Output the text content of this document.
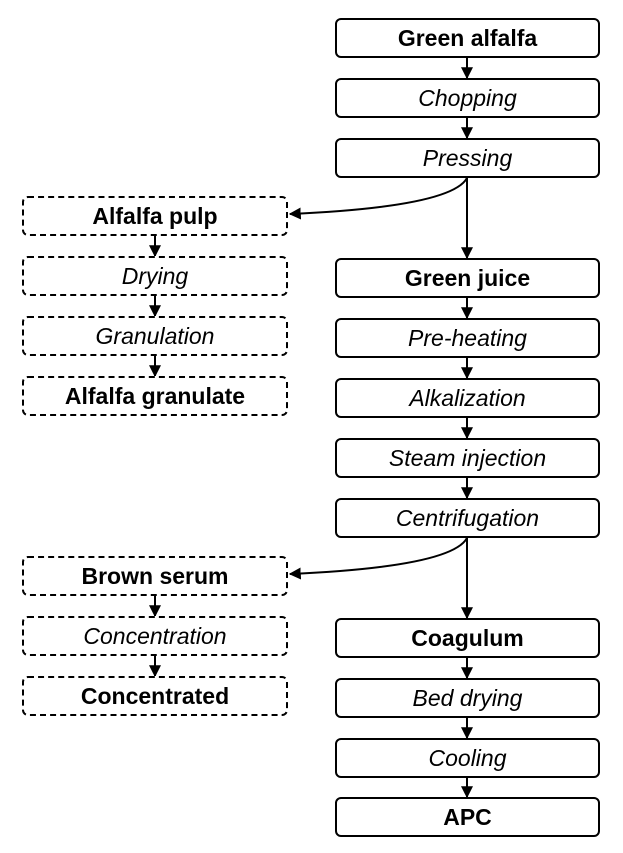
Green alfalfa
Chopping
Pressing
Green juice
Pre-heating
Alkalization
Steam injection
Centrifugation
Coagulum
Bed drying
Cooling
APC
Alfalfa pulp
Drying
Granulation
Alfalfa granulate
Brown serum
Concentration
Concentrated
